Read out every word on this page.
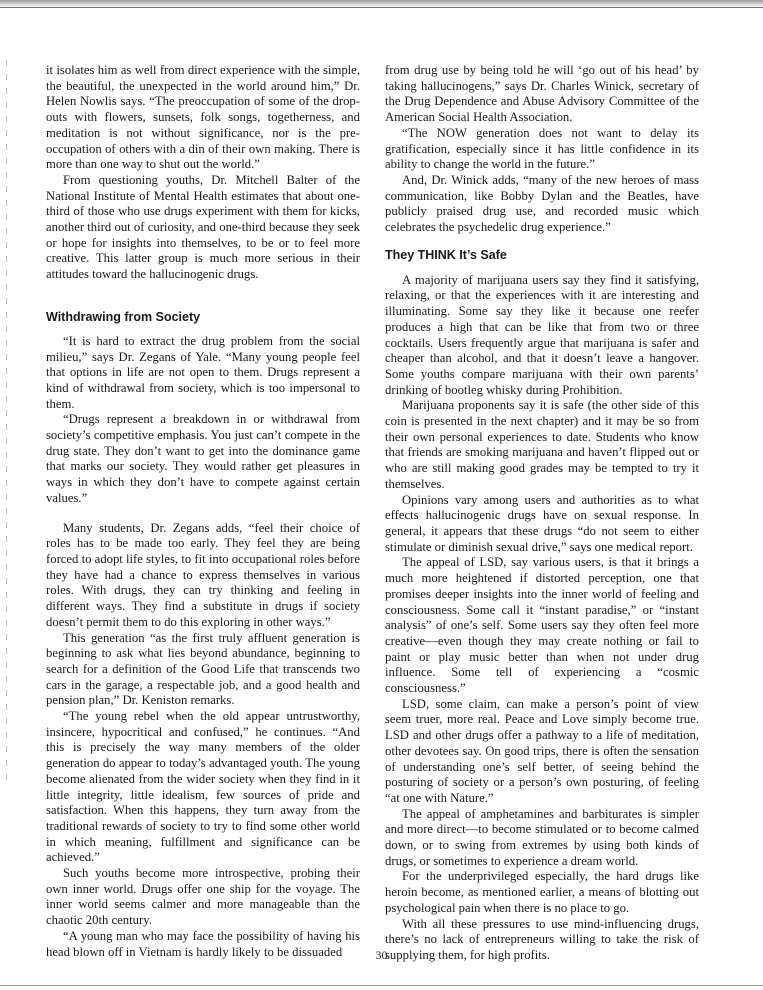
it isolates him as well from direct experience with the simple, the beautiful, the unexpected in the world around him,” Dr. Helen Nowlis says. “The preoccupation of some of the drop-outs with flowers, sunsets, folk songs, togetherness, and meditation is not without significance, nor is the pre-occupation of others with a din of their own making. There is more than one way to shut out the world.”

From questioning youths, Dr. Mitchell Balter of the National Institute of Mental Health estimates that about one-third of those who use drugs experiment with them for kicks, another third out of curiosity, and one-third because they seek or hope for insights into themselves, to be or to feel more creative. This latter group is much more serious in their attitudes toward the hallucinogenic drugs.

Withdrawing from Society

“It is hard to extract the drug problem from the social milieu,” says Dr. Zegans of Yale. “Many young people feel that options in life are not open to them. Drugs represent a kind of withdrawal from society, which is too impersonal to them.

“Drugs represent a breakdown in or withdrawal from society’s competitive emphasis. You just can’t compete in the drug state. They don’t want to get into the dominance game that marks our society. They would rather get pleasures in ways in which they don’t have to compete against certain values.”

Many students, Dr. Zegans adds, “feel their choice of roles has to be made too early. They feel they are being forced to adopt life styles, to fit into occupational roles before they have had a chance to express themselves in various roles. With drugs, they can try thinking and feeling in different ways. They find a substitute in drugs if society doesn’t permit them to do this exploring in other ways.”

This generation “as the first truly affluent generation is beginning to ask what lies beyond abundance, beginning to search for a definition of the Good Life that transcends two cars in the garage, a respectable job, and a good health and pension plan,” Dr. Keniston remarks.

“The young rebel when the old appear untrustworthy, insincere, hypocritical and confused,” he continues. “And this is precisely the way many members of the older generation do appear to today’s advantaged youth. The young become alienated from the wider society when they find in it little integrity, little idealism, few sources of pride and satisfaction. When this happens, they turn away from the traditional rewards of society to try to find some other world in which meaning, fulfillment and significance can be achieved.”

Such youths become more introspective, probing their own inner world. Drugs offer one ship for the voyage. The inner world seems calmer and more manageable than the chaotic 20th century.

“A young man who may face the possibility of having his head blown off in Vietnam is hardly likely to be dissuaded

from drug use by being told he will ‘go out of his head’ by taking hallucinogens,” says Dr. Charles Winick, secretary of the Drug Dependence and Abuse Advisory Committee of the American Social Health Association.

“The NOW generation does not want to delay its gratification, especially since it has little confidence in its ability to change the world in the future.”

And, Dr. Winick adds, “many of the new heroes of mass communication, like Bobby Dylan and the Beatles, have publicly praised drug use, and recorded music which celebrates the psychedelic drug experience.”

They THINK It’s Safe

A majority of marijuana users say they find it satisfying, relaxing, or that the experiences with it are interesting and illuminating. Some say they like it because one reefer produces a high that can be like that from two or three cocktails. Users frequently argue that marijuana is safer and cheaper than alcohol, and that it doesn’t leave a hangover. Some youths compare marijuana with their own parents’ drinking of bootleg whisky during Prohibition.

Marijuana proponents say it is safe (the other side of this coin is presented in the next chapter) and it may be so from their own personal experiences to date. Students who know that friends are smoking marijuana and haven’t flipped out or who are still making good grades may be tempted to try it themselves.

Opinions vary among users and authorities as to what effects hallucinogenic drugs have on sexual response. In general, it appears that these drugs “do not seem to either stimulate or diminish sexual drive,” says one medical report.

The appeal of LSD, say various users, is that it brings a much more heightened if distorted perception, one that promises deeper insights into the inner world of feeling and consciousness. Some call it “instant paradise,” or “instant analysis” of one’s self. Some users say they often feel more creative—even though they may create nothing or fail to paint or play music better than when not under drug influence. Some tell of experiencing a “cosmic consciousness.”

LSD, some claim, can make a person’s point of view seem truer, more real. Peace and Love simply become true. LSD and other drugs offer a pathway to a life of meditation, other devotees say. On good trips, there is often the sensation of understanding one’s self better, of seeing behind the posturing of society or a person’s own posturing, of feeling “at one with Nature.”

The appeal of amphetamines and barbiturates is simpler and more direct—to become stimulated or to become calmed down, or to swing from extremes by using both kinds of drugs, or sometimes to experience a dream world.

For the underprivileged especially, the hard drugs like heroin become, as mentioned earlier, a means of blotting out psychological pain when there is no place to go.

With all these pressures to use mind-influencing drugs, there’s no lack of entrepreneurs willing to take the risk of supplying them, for high profits.

30
